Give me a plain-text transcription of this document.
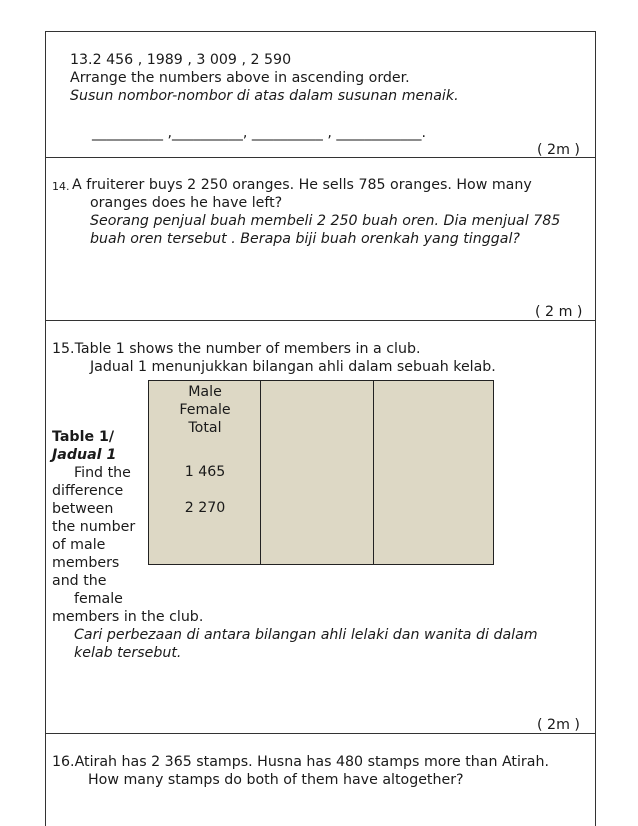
13.2 456 , 1989 , 3 009 , 2 590
Arrange the numbers above in ascending order.
Susun nombor-nombor di atas dalam susunan menaik.
__________ ,__________, __________ , ____________.
( 2m )
14. A fruiterer buys 2 250 oranges. He sells 785 oranges. How many
oranges does he have left?
Seorang penjual buah membeli 2 250 buah oren. Dia menjual 785
buah oren tersebut . Berapa biji buah orenkah yang tinggal?
( 2 m )
15.Table 1 shows the number of members in a club.
Jadual 1 menunjukkan bilangan ahli dalam sebuah kelab.
Male
Female
Total
1 465
2 270
Table 1/
Jadual 1
Find the
difference
between
the number
of male
members
and the
female
members in the club.
Cari perbezaan di antara bilangan ahli lelaki dan wanita di dalam
kelab tersebut.
( 2m )
16.Atirah has 2 365 stamps. Husna has 480 stamps more than Atirah.
How many stamps do both of them have altogether?
